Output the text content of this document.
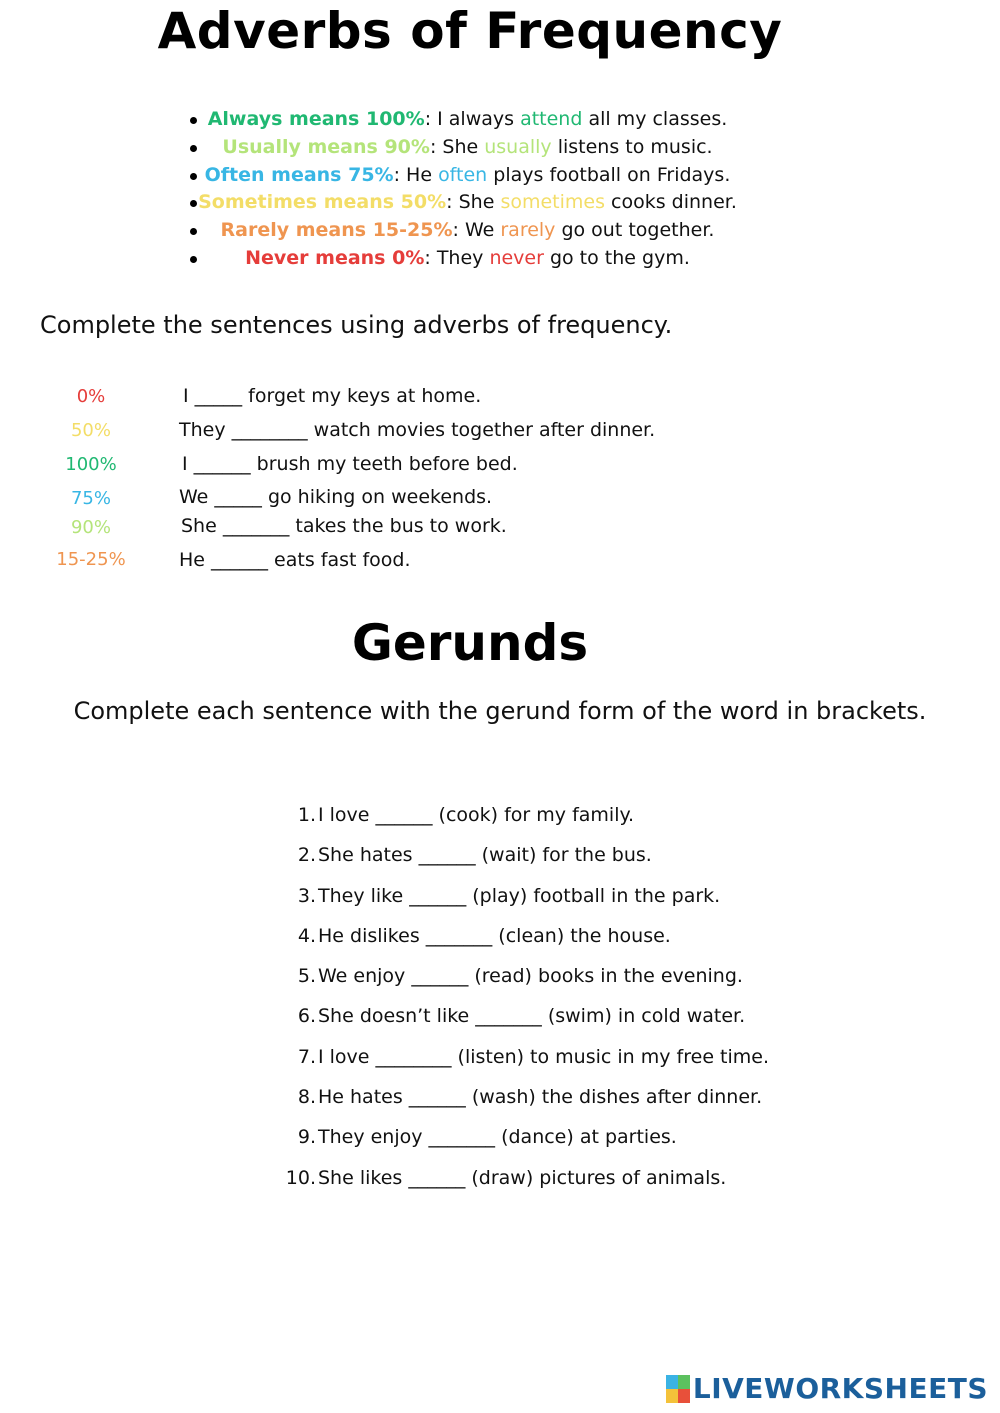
Adverbs of Frequency
Always means 100%: I always attend all my classes.
Usually means 90%: She usually listens to music.
Often means 75%: He often plays football on Fridays.
Sometimes means 50%: She sometimes cooks dinner.
Rarely means 15-25%: We rarely go out together.
Never means 0%: They never go to the gym.
Complete the sentences using adverbs of frequency.
0%	I _____ forget my keys at home.
50%	They ________ watch movies together after dinner.
100%	I ______ brush my teeth before bed.
75%	We _____ go hiking on weekends.
90%	She _______ takes the bus to work.
15-25%	He ______ eats fast food.
Gerunds
Complete each sentence with the gerund form of the word in brackets.
1. I love ______ (cook) for my family.
2. She hates ______ (wait) for the bus.
3. They like ______ (play) football in the park.
4. He dislikes _______ (clean) the house.
5. We enjoy ______ (read) books in the evening.
6. She doesn’t like _______ (swim) in cold water.
7. I love ________ (listen) to music in my free time.
8. He hates ______ (wash) the dishes after dinner.
9. They enjoy _______ (dance) at parties.
10. She likes ______ (draw) pictures of animals.
LIVEWORKSHEETS
